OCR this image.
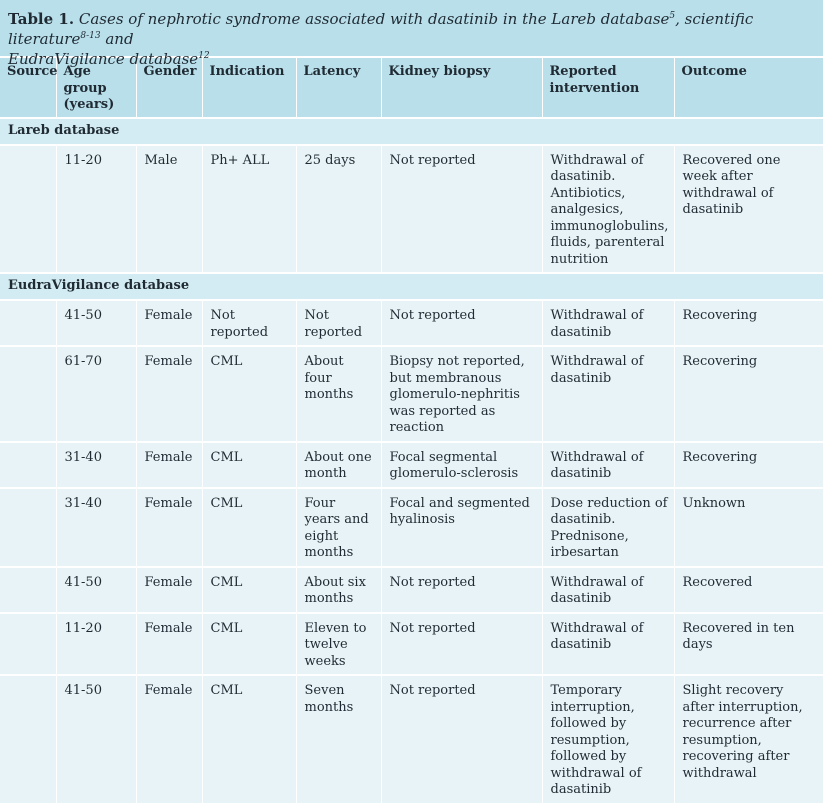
Table 1. Cases of nephrotic syndrome associated with dasatinib in the Lareb database$^5$, scientific literature$^{8-13}$ and
EudraVigilance database$^{12}$
Source	Age group (years)	Gender	Indication	Latency	Kidney biopsy	Reported intervention	Outcome
Lareb database							
	11-20	Male	Ph+ ALL	25 days	Not reported	Withdrawal of dasatinib. Antibiotics, analgesics, immunoglobulins, fluids, parenteral nutrition	Recovered one week after withdrawal of dasatinib
EudraVigilance database							
	41-50	Female	Not reported	Not reported	Not reported	Withdrawal of dasatinib	Recovering
	61-70	Female	CML	About four months	Biopsy not reported, but membranous glomerulo-nephritis was reported as reaction	Withdrawal of dasatinib	Recovering
	31-40	Female	CML	About one month	Focal segmental glomerulo-sclerosis	Withdrawal of dasatinib	Recovering
	31-40	Female	CML	Four years and eight months	Focal and segmented hyalinosis	Dose reduction of dasatinib. Prednisone, irbesartan	Unknown
	41-50	Female	CML	About six months	Not reported	Withdrawal of dasatinib	Recovered
	11-20	Female	CML	Eleven to twelve weeks	Not reported	Withdrawal of dasatinib	Recovered in ten days
	41-50	Female	CML	Seven months	Not reported	Temporary interruption, followed by resumption, followed by withdrawal of dasatinib	Slight recovery after interruption, recurrence after resumption, recovering after withdrawal
